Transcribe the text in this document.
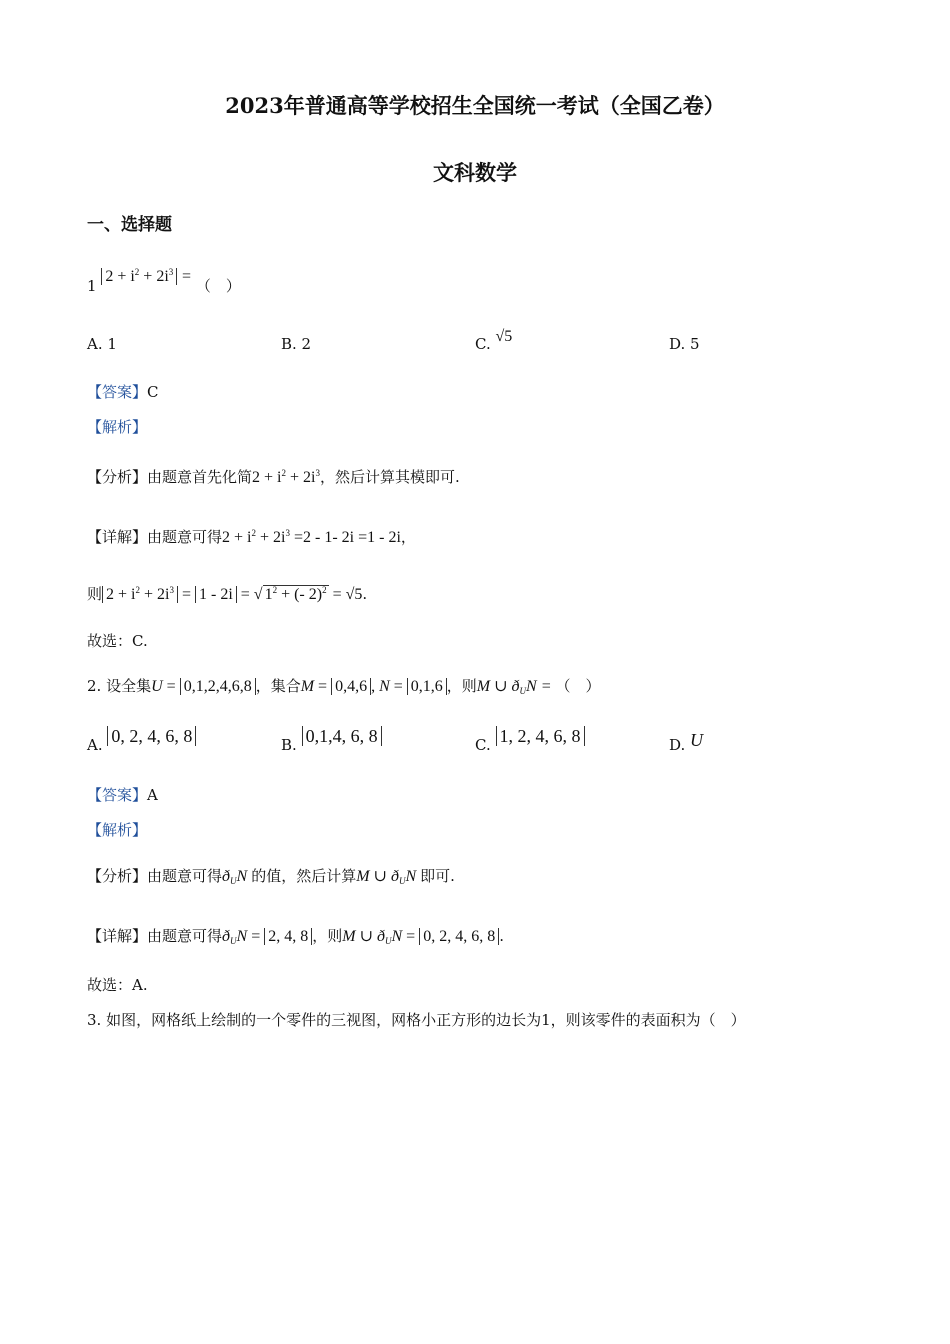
2023年普通高等学校招生全国统一考试（全国乙卷）
文科数学
一、选择题
1 $2 + i^2 + 2i^3$ = （　）
A. 1	B. 2	C. √5	D. 5
【答案】C
【解析】
【分析】由题意首先化简$2 + i^2 + 2i^3$，然后计算其模即可.
【详解】由题意可得$2 + i^2 + 2i^3 =2 - 1-$ 2i =1 - 2i，
则 $2 + i^2 + 2i^3 = 1 - 2i$ = √ $1^2$ + (- 2)$^2$ = √5.
故选：C.
2. 设全集U = 0,1,2,4,6,8 ，集合M = 0,4,6 , N = 0,1,6 ，则M ∪ $ð_UN$ = （　）
A. 0, 2, 4, 6, 8	B. 0,1,4, 6, 8	C. 1, 2, 4, 6, 8	D. U
【答案】A
【解析】
【分析】由题意可得$ð_UN$ 的值，然后计算M ∪ $ð_UN$ 即可.
【详解】由题意可得$ð_UN = 2$, 4, 8 ，则M ∪ $ð_UN = 0$, 2, 4, 6, 8 .
故选：A.
3. 如图，网格纸上绘制的一个零件的三视图，网格小正方形的边长为1，则该零件的表面积为（　）
